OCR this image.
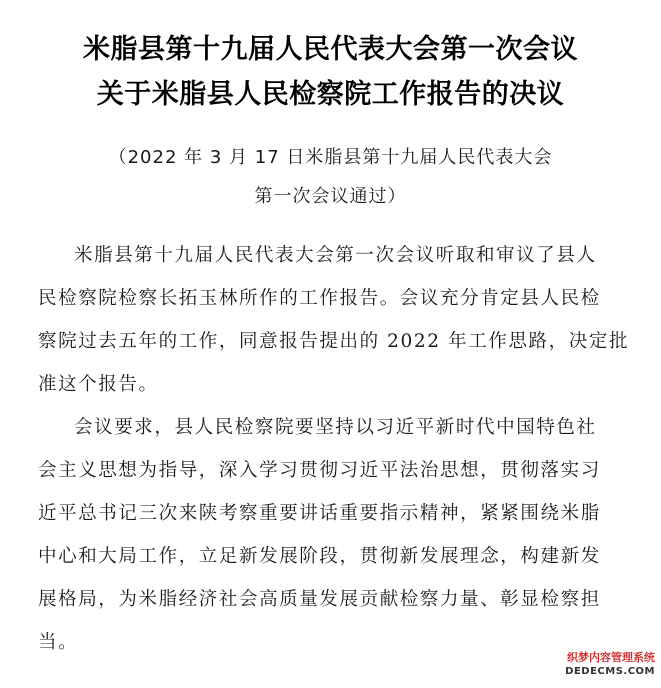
米脂县第十九届人民代表大会第一次会议
关于米脂县人民检察院工作报告的决议
（2022 年 3 月 17 日米脂县第十九届人民代表大会
第一次会议通过）
米脂县第十九届人民代表大会第一次会议听取和审议了县人
民检察院检察长拓玉林所作的工作报告。会议充分肯定县人民检
察院过去五年的工作，同意报告提出的 2022 年工作思路，决定批
准这个报告。
会议要求，县人民检察院要坚持以习近平新时代中国特色社
会主义思想为指导，深入学习贯彻习近平法治思想，贯彻落实习
近平总书记三次来陕考察重要讲话重要指示精神，紧紧围绕米脂
中心和大局工作，立足新发展阶段，贯彻新发展理念，构建新发
展格局，为米脂经济社会高质量发展贡献检察力量、彰显检察担
当。
织梦内容管理系统
DEDECMS.COM
